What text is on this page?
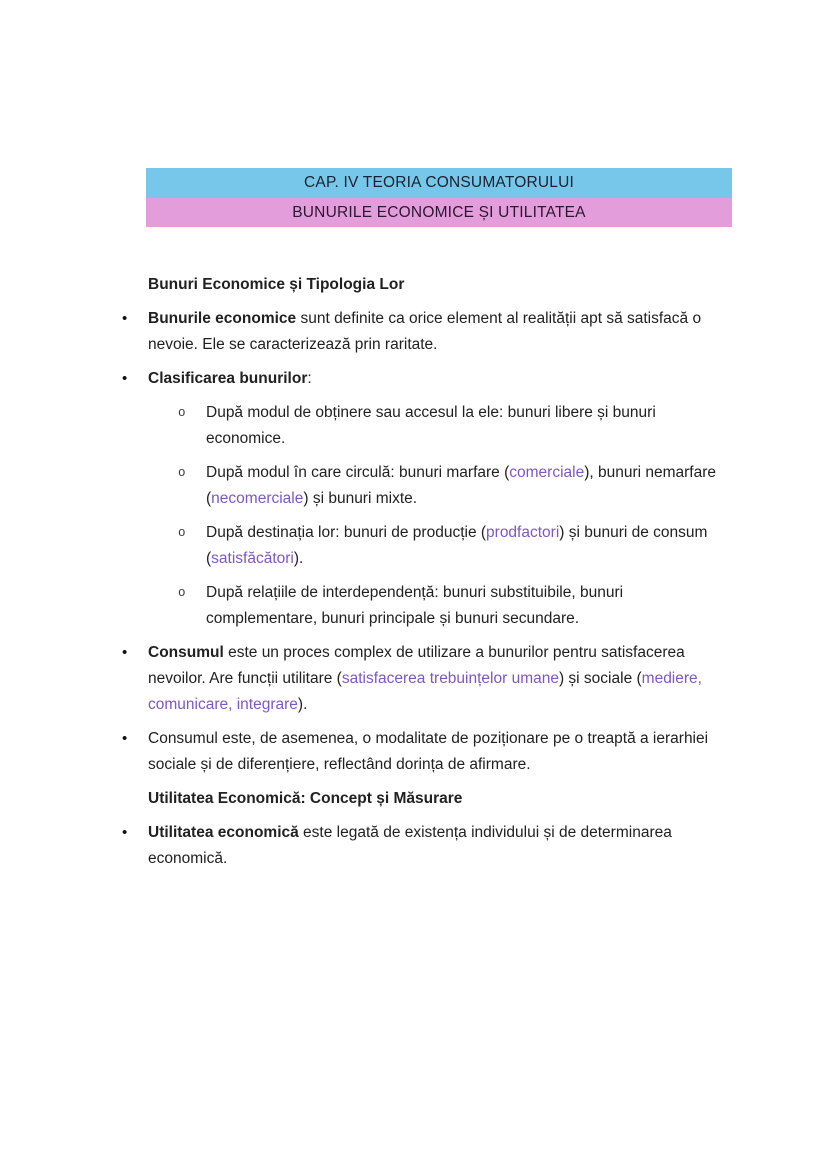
CAP. IV TEORIA CONSUMATORULUI
BUNURILE ECONOMICE ȘI UTILITATEA
Bunuri Economice și Tipologia Lor
•	Bunurile economice sunt definite ca orice element al realității apt să satisfacă o nevoie. Ele se caracterizează prin raritate.
•	Clasificarea bunurilor:
o	După modul de obținere sau accesul la ele: bunuri libere și bunuri economice.
o	După modul în care circulă: bunuri marfare (comerciale), bunuri nemarfare (necomerciale) și bunuri mixte.
o	După destinația lor: bunuri de producție (prodfactori) și bunuri de consum (satisfăcători).
o	După relațiile de interdependență: bunuri substituibile, bunuri complementare, bunuri principale și bunuri secundare.
•	Consumul este un proces complex de utilizare a bunurilor pentru satisfacerea nevoilor. Are funcții utilitare (satisfacerea trebuințelor umane) și sociale (mediere, comunicare, integrare).
•	Consumul este, de asemenea, o modalitate de poziționare pe o treaptă a ierarhiei sociale și de diferențiere, reflectând dorința de afirmare.
Utilitatea Economică: Concept și Măsurare
•	Utilitatea economică este legată de existența individului și de determinarea economică.
